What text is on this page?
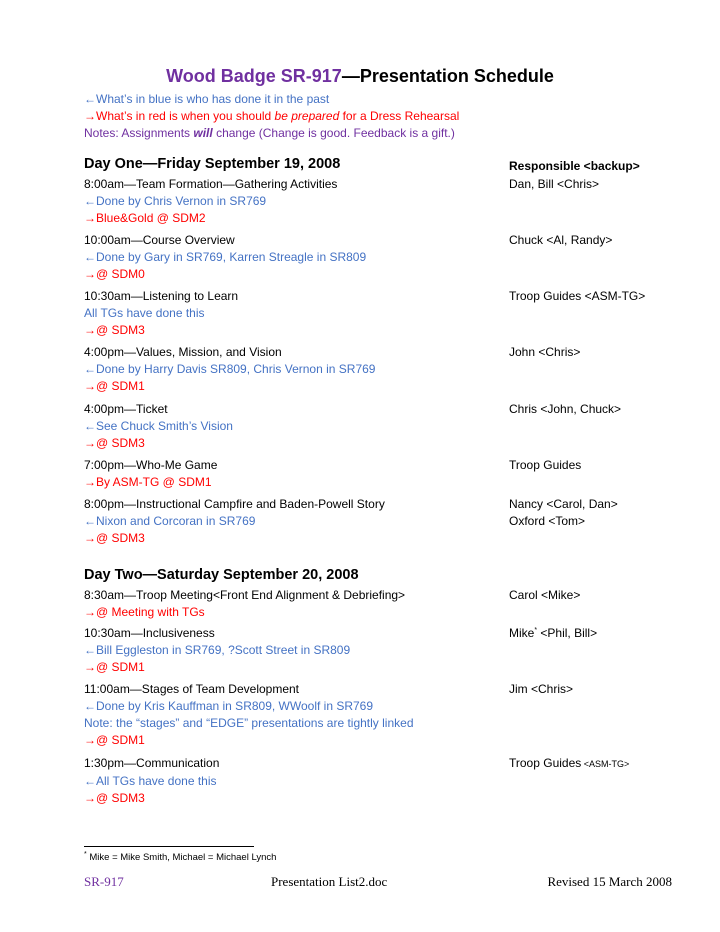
Wood Badge SR-917—Presentation Schedule
←What’s in blue is who has done it in the past
→What’s in red is when you should be prepared for a Dress Rehearsal
Notes: Assignments will change (Change is good. Feedback is a gift.)
Day One—Friday September 19, 2008	Responsible <backup>
8:00am—Team Formation—Gathering Activities	Dan, Bill <Chris>
←Done by Chris Vernon in SR769
→Blue&Gold @ SDM2
10:00am—Course Overview	Chuck <Al, Randy>
←Done by Gary in SR769, Karren Streagle in SR809
→@ SDM0
10:30am—Listening to Learn	Troop Guides <ASM-TG>
All TGs have done this
→@ SDM3
4:00pm—Values, Mission, and Vision	John <Chris>
←Done by Harry Davis SR809, Chris Vernon in SR769
→@ SDM1
4:00pm—Ticket	Chris <John, Chuck>
←See Chuck Smith’s Vision
→@ SDM3
7:00pm—Who-Me Game	Troop Guides
→By ASM-TG @ SDM1
8:00pm—Instructional Campfire and Baden-Powell Story	Nancy <Carol, Dan>
←Nixon and Corcoran in SR769	Oxford <Tom>
→@ SDM3
Day Two—Saturday September 20, 2008
8:30am—Troop Meeting<Front End Alignment & Debriefing>	Carol <Mike>
→@ Meeting with TGs
10:30am—Inclusiveness	Mike* <Phil, Bill>
←Bill Eggleston in SR769, ?Scott Street in SR809
→@ SDM1
11:00am—Stages of Team Development	Jim <Chris>
←Done by Kris Kauffman in SR809, WWoolf in SR769
Note: the “stages” and “EDGE” presentations are tightly linked
→@ SDM1
1:30pm—Communication	Troop Guides <ASM-TG>
←All TGs have done this
→@ SDM3
* Mike = Mike Smith, Michael = Michael Lynch
SR-917	Presentation List2.doc	Revised 15 March 2008
